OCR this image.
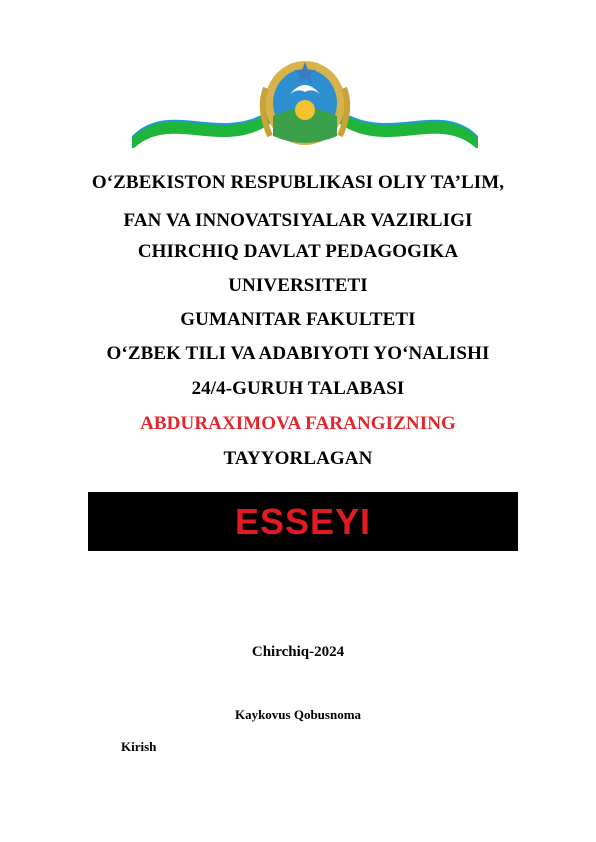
O‘ZBEKISTON RESPUBLIKASI OLIY TA’LIM,
FAN VA INNOVATSIYALAR VAZIRLIGI
CHIRCHIQ DAVLAT PEDAGOGIKA
UNIVERSITETI
GUMANITAR FAKULTETI
O‘ZBEK TILI VA ADABIYOTI YO‘NALISHI
24/4-GURUH TALABASI
ABDURAXIMOVA FARANGIZNING
TAYYORLAGAN
ESSEYI
Chirchiq-2024
Kaykovus Qobusnoma
Kirish
